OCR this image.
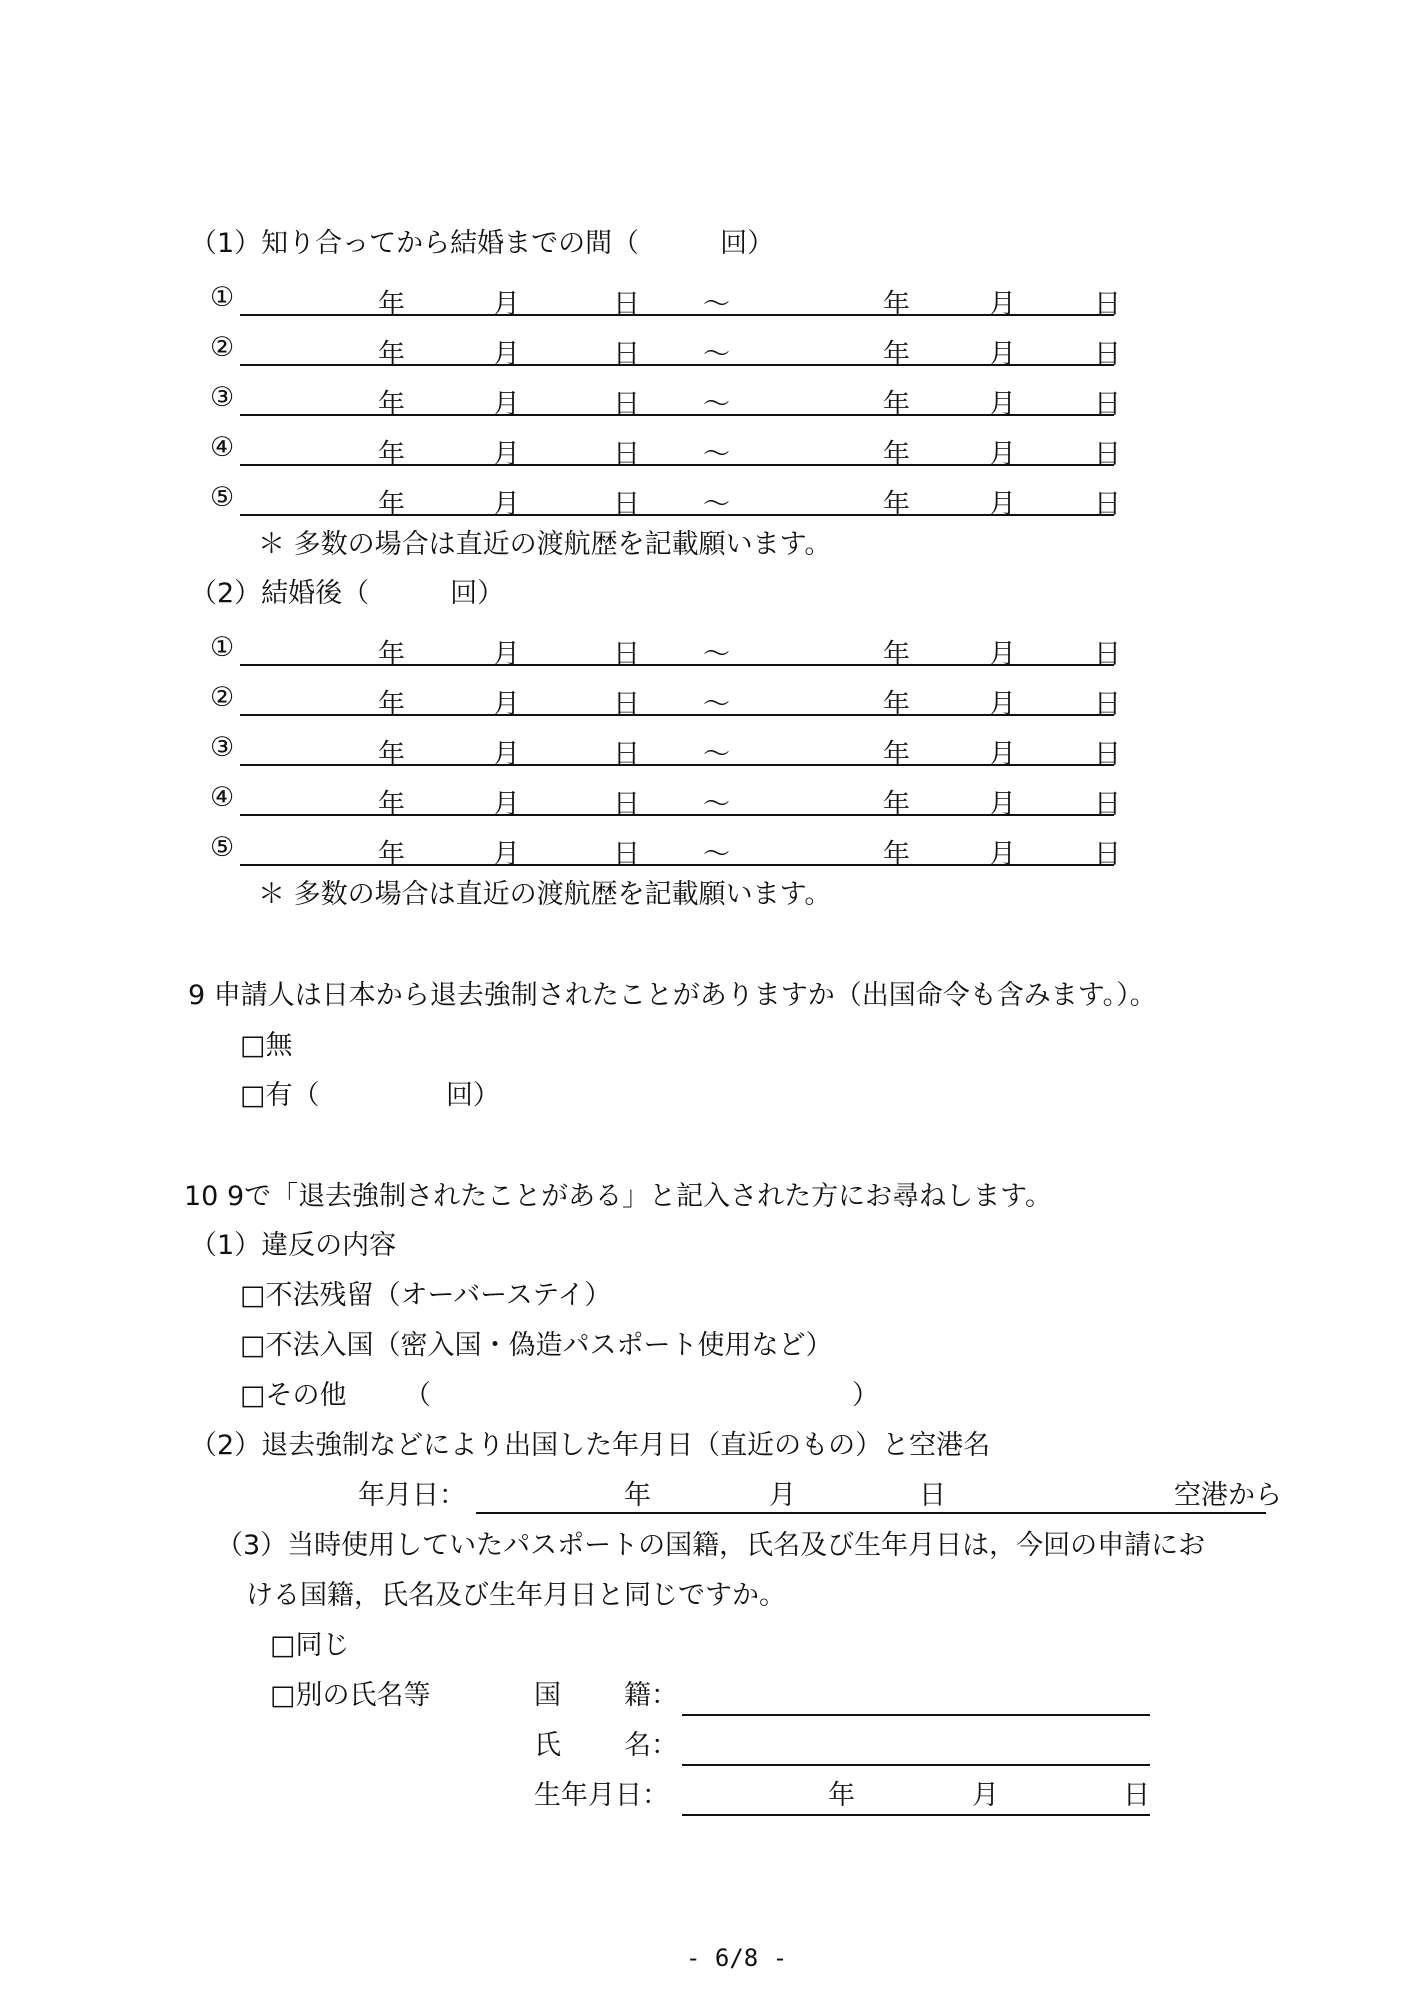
（1）知り合ってから結婚までの間（　　　回）
①	年	月	日 ～	年	月	日
②	年	月	日 ～	年	月	日
③	年	月	日 ～	年	月	日
④	年	月	日 ～	年	月	日
⑤	年	月	日 ～	年	月	日
＊ 多数の場合は直近の渡航歴を記載願います。
（2）結婚後（　　　回）
①	年	月	日 ～	年	月	日
②	年	月	日 ～	年	月	日
③	年	月	日 ～	年	月	日
④	年	月	日 ～	年	月	日
⑤	年	月	日 ～	年	月	日
＊ 多数の場合は直近の渡航歴を記載願います。
9 申請人は日本から退去強制されたことがありますか（出国命令も含みます。）。
□無
□有（	回）
10 9で「退去強制されたことがある」と記入された方にお尋ねします。
（1）違反の内容
□不法残留（オーバーステイ）
□不法入国（密入国・偽造パスポート使用など）
□その他 （	）
（2）退去強制などにより出国した年月日（直近のもの）と空港名
年月日：	年	月	日	空港から
（3）当時使用していたパスポートの国籍，氏名及び生年月日は，今回の申請にお
ける国籍，氏名及び生年月日と同じですか。
□同じ
□別の氏名等	国 籍：
氏 名：
生年月日：	年	月	日
- 6/8 -
